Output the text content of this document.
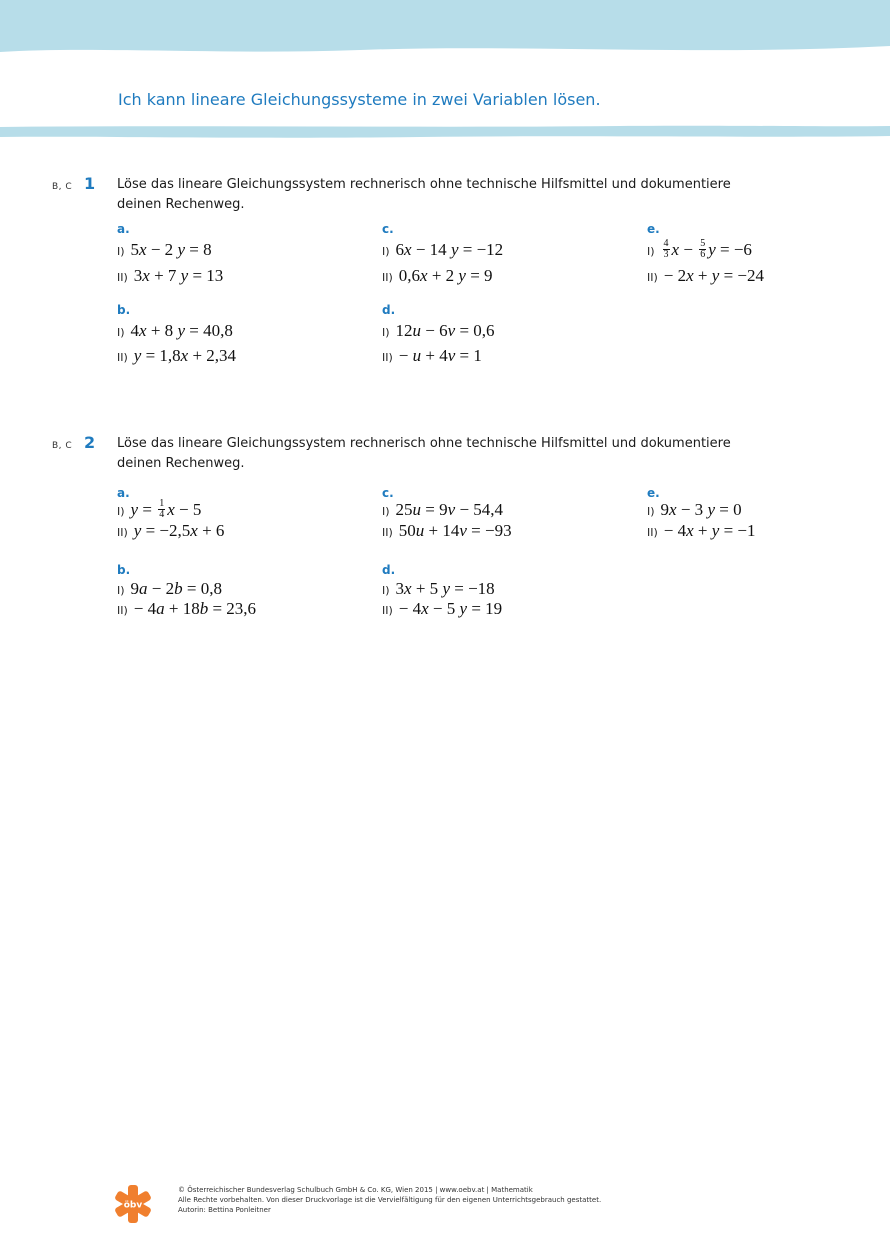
Ich kann lineare Gleichungssysteme in zwei Variablen lösen.
B, C 1 Löse das lineare Gleichungssystem rechnerisch ohne technische Hilfsmittel und dokumentiere deinen Rechenweg.
a.
I) 5x − 2 y = 8
II) 3x + 7 y = 13
c.
I) 6x − 14 y = −12
II) 0,6x + 2 y = 9
e.
$I) \frac{4}{3}$ $x - \frac{5}{6}$ y = −6
II) − 2x + y = −24
b.
I) 4x + 8 y = 40,8
II) y = 1,8x + 2,34
d.
I) 12u − 6v = 0,6
II) − u + 4v = 1
B, C 2 Löse das lineare Gleichungssystem rechnerisch ohne technische Hilfsmittel und dokumentiere deinen Rechenweg.
a.
I) $y = \frac{1}{4}$ x − 5
II) y = −2,5x + 6
c.
I) 25u = 9v − 54,4
II) 50u + 14v = −93
e.
I) 9x − 3 y = 0
II) − 4x + y = −1
b.
I) 9a − 2b = 0,8
II) − 4a + 18b = 23,6
d.
I) 3x + 5 y = −18
II) − 4x − 5 y = 19
öbv
© Österreichischer Bundesverlag Schulbuch GmbH & Co. KG, Wien 2015 | www.oebv.at | Mathematik
Alle Rechte vorbehalten. Von dieser Druckvorlage ist die Vervielfältigung für den eigenen Unterrichtsgebrauch gestattet.
Autorin: Bettina Ponleitner
